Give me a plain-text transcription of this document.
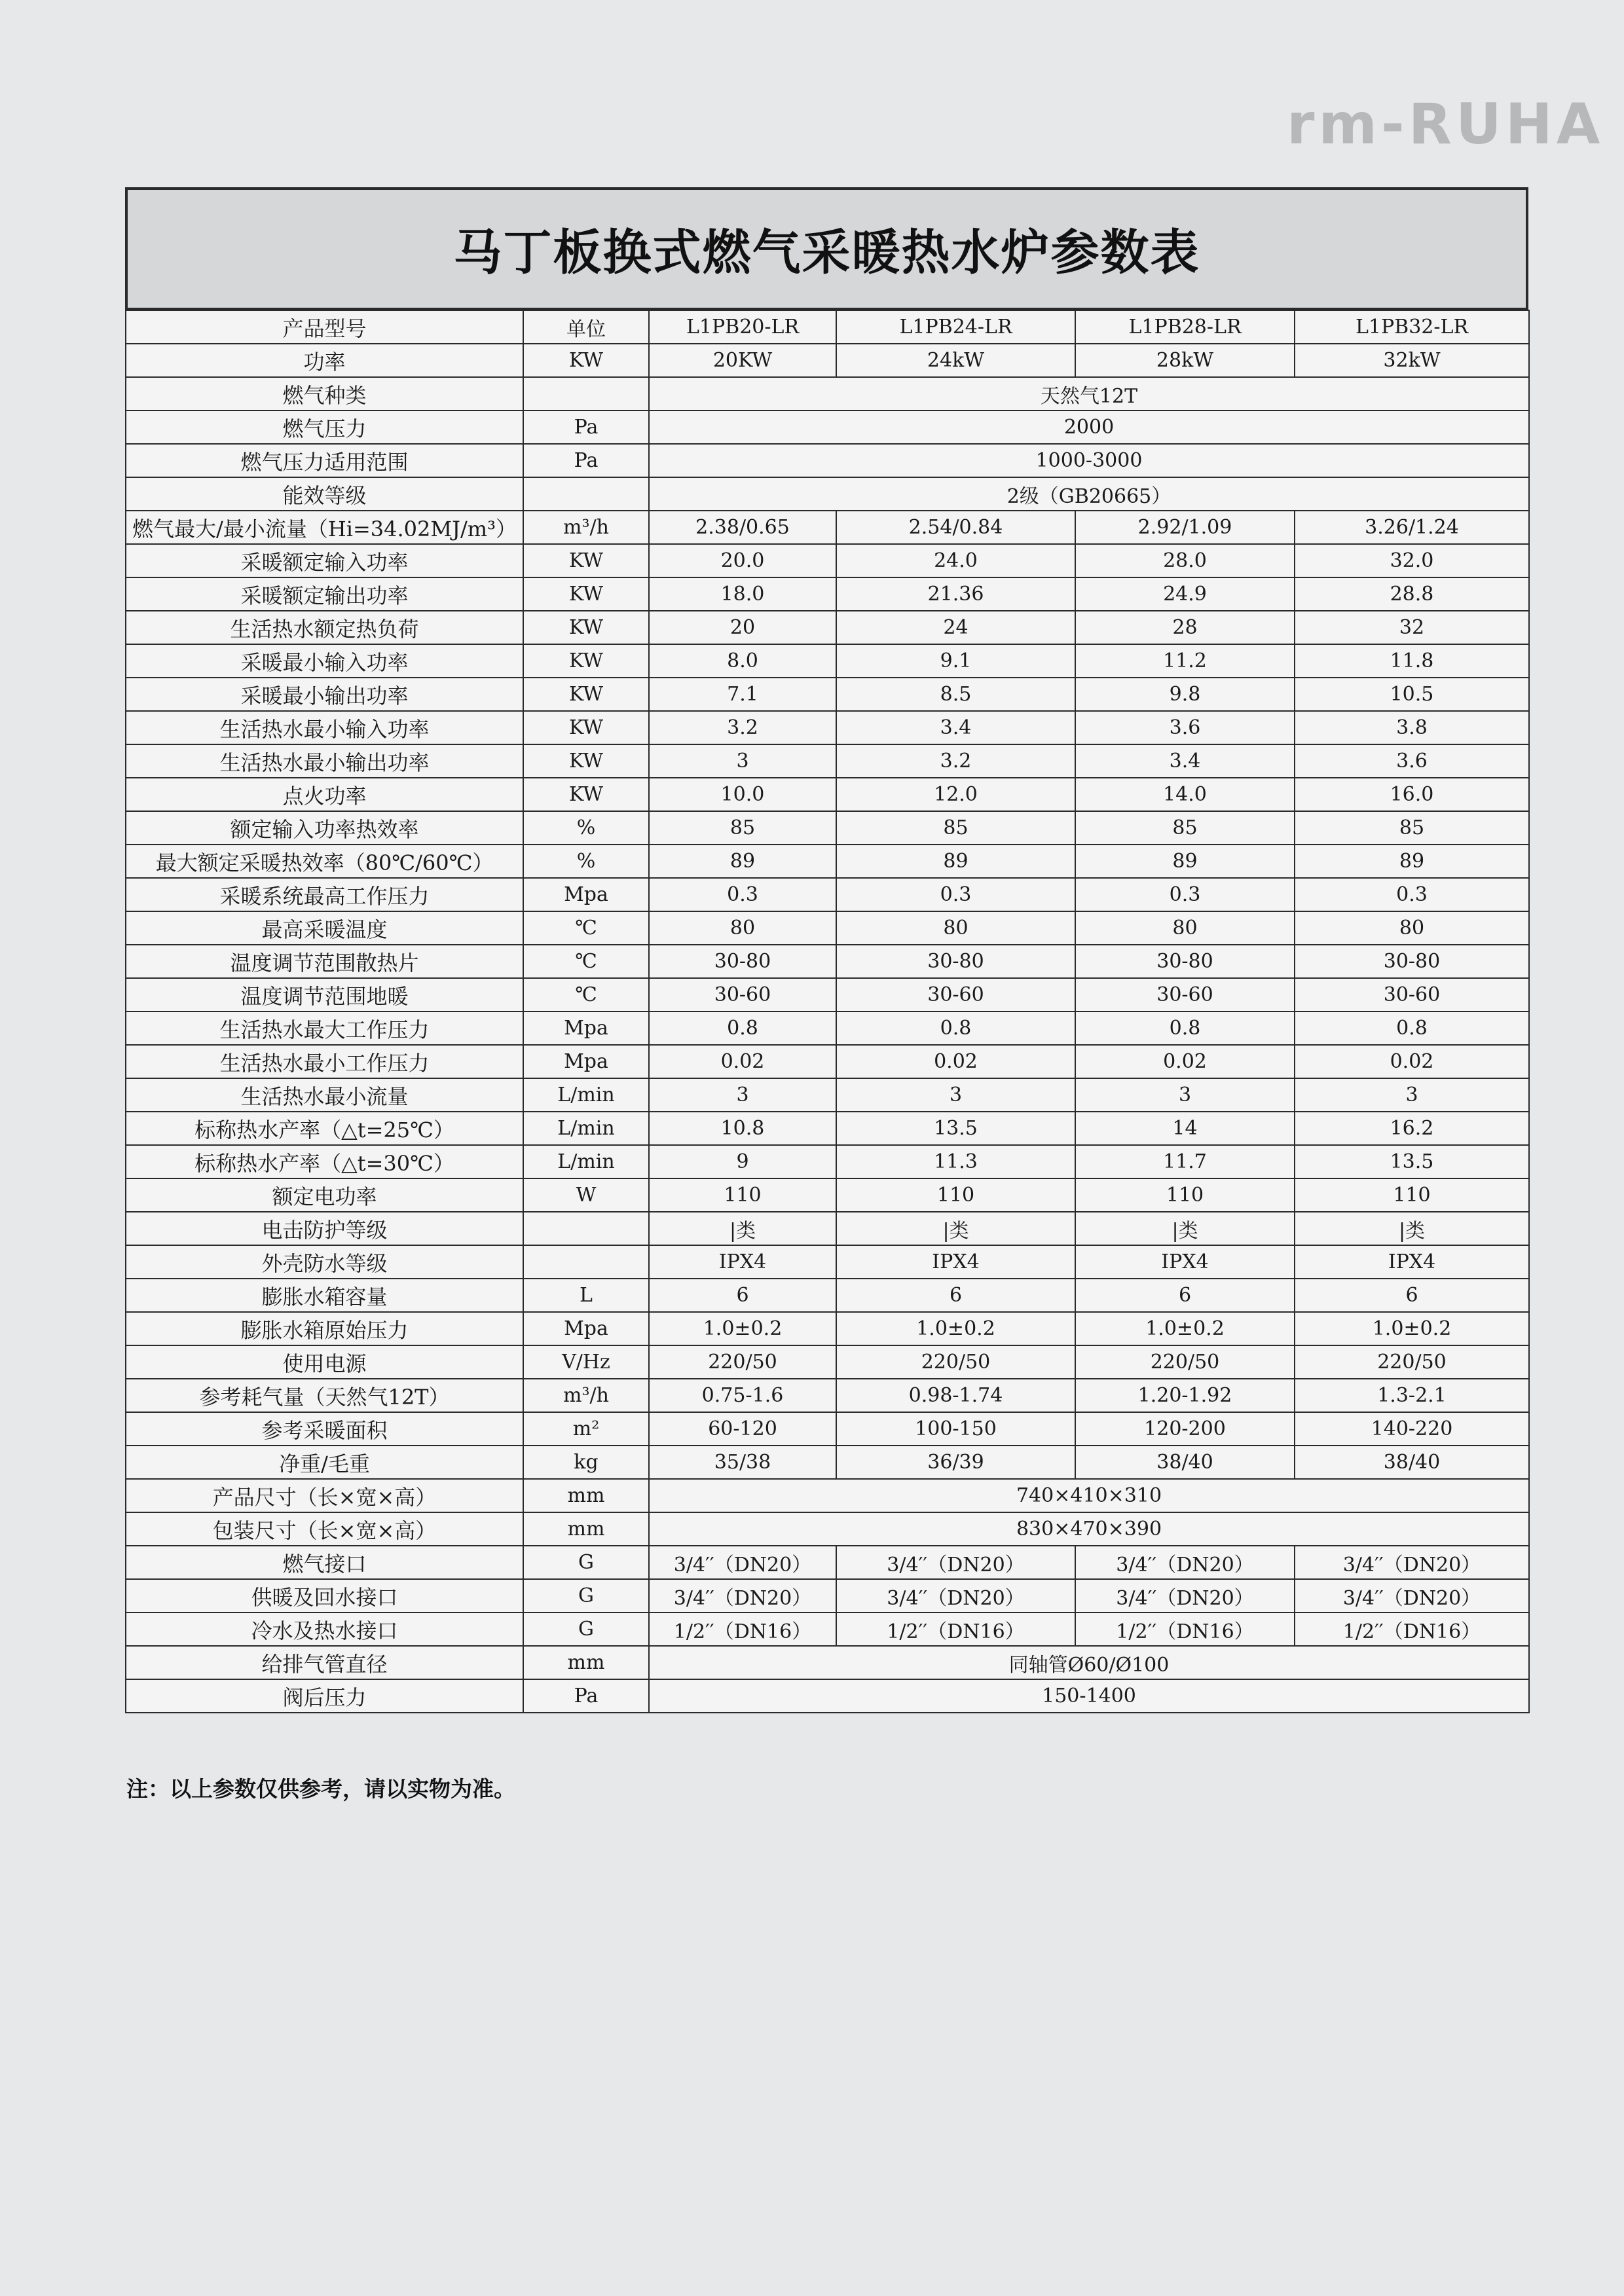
rm-RUHA
马丁板换式燃气采暖热水炉参数表
产品型号	单位	L1PB20-LR	L1PB24-LR	L1PB28-LR	L1PB32-LR
功率	KW	20KW	24kW	28kW	32kW
燃气种类		天然气12T			
燃气压力	Pa	2000			
燃气压力适用范围	Pa	1000-3000			
能效等级		2级（GB20665）			
燃气最大/最小流量（Hi=34.02MJ/m³）	m³/h	2.38/0.65	2.54/0.84	2.92/1.09	3.26/1.24
采暖额定输入功率	KW	20.0	24.0	28.0	32.0
采暖额定输出功率	KW	18.0	21.36	24.9	28.8
生活热水额定热负荷	KW	20	24	28	32
采暖最小输入功率	KW	8.0	9.1	11.2	11.8
采暖最小输出功率	KW	7.1	8.5	9.8	10.5
生活热水最小输入功率	KW	3.2	3.4	3.6	3.8
生活热水最小输出功率	KW	3	3.2	3.4	3.6
点火功率	KW	10.0	12.0	14.0	16.0
额定输入功率热效率	%	85	85	85	85
最大额定采暖热效率（80℃/60℃）	%	89	89	89	89
采暖系统最高工作压力	Mpa	0.3	0.3	0.3	0.3
最高采暖温度	℃	80	80	80	80
温度调节范围散热片	℃	30-80	30-80	30-80	30-80
温度调节范围地暖	℃	30-60	30-60	30-60	30-60
生活热水最大工作压力	Mpa	0.8	0.8	0.8	0.8
生活热水最小工作压力	Mpa	0.02	0.02	0.02	0.02
生活热水最小流量	L/min	3	3	3	3
标称热水产率（△t=25℃）	L/min	10.8	13.5	14	16.2
标称热水产率（△t=30℃）	L/min	9	11.3	11.7	13.5
额定电功率	W	110	110	110	110
电击防护等级		|类	|类	|类	|类
外壳防水等级		IPX4	IPX4	IPX4	IPX4
膨胀水箱容量	L	6	6	6	6
膨胀水箱原始压力	Mpa	1.0±0.2	1.0±0.2	1.0±0.2	1.0±0.2
使用电源	V/Hz	220/50	220/50	220/50	220/50
参考耗气量（天然气12T）	m³/h	0.75-1.6	0.98-1.74	1.20-1.92	1.3-2.1
参考采暖面积	m²	60-120	100-150	120-200	140-220
净重/毛重	kg	35/38	36/39	38/40	38/40
产品尺寸（长×宽×高）	mm	740×410×310			
包装尺寸（长×宽×高）	mm	830×470×390			
燃气接口	G	3/4′′（DN20）	3/4′′（DN20）	3/4′′（DN20）	3/4′′（DN20）
供暖及回水接口	G	3/4′′（DN20）	3/4′′（DN20）	3/4′′（DN20）	3/4′′（DN20）
冷水及热水接口	G	1/2′′（DN16）	1/2′′（DN16）	1/2′′（DN16）	1/2′′（DN16）
给排气管直径	mm	同轴管Ø60/Ø100			
阀后压力	Pa	150-1400			
注：以上参数仅供参考，请以实物为准。
